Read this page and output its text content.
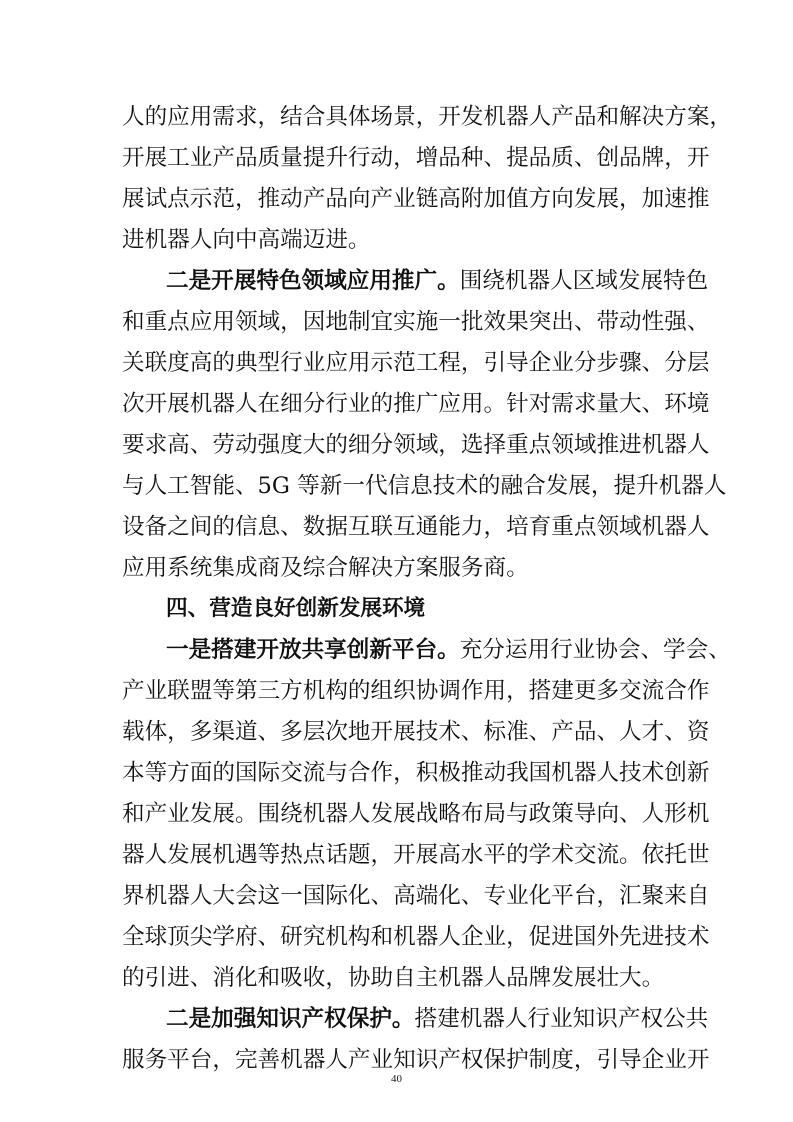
人的应用需求，结合具体场景，开发机器人产品和解决方案，
开展工业产品质量提升行动，增品种、提品质、创品牌，开
展试点示范，推动产品向产业链高附加值方向发展，加速推
进机器人向中高端迈进。
二是开展特色领域应用推广。围绕机器人区域发展特色
和重点应用领域，因地制宜实施一批效果突出、带动性强、
关联度高的典型行业应用示范工程，引导企业分步骤、分层
次开展机器人在细分行业的推广应用。针对需求量大、环境
要求高、劳动强度大的细分领域，选择重点领域推进机器人
与人工智能、5G 等新一代信息技术的融合发展，提升机器人
设备之间的信息、数据互联互通能力，培育重点领域机器人
应用系统集成商及综合解决方案服务商。
四、营造良好创新发展环境
一是搭建开放共享创新平台。充分运用行业协会、学会、
产业联盟等第三方机构的组织协调作用，搭建更多交流合作
载体，多渠道、多层次地开展技术、标准、产品、人才、资
本等方面的国际交流与合作，积极推动我国机器人技术创新
和产业发展。围绕机器人发展战略布局与政策导向、人形机
器人发展机遇等热点话题，开展高水平的学术交流。依托世
界机器人大会这一国际化、高端化、专业化平台，汇聚来自
全球顶尖学府、研究机构和机器人企业，促进国外先进技术
的引进、消化和吸收，协助自主机器人品牌发展壮大。
二是加强知识产权保护。搭建机器人行业知识产权公共
服务平台，完善机器人产业知识产权保护制度，引导企业开
40
